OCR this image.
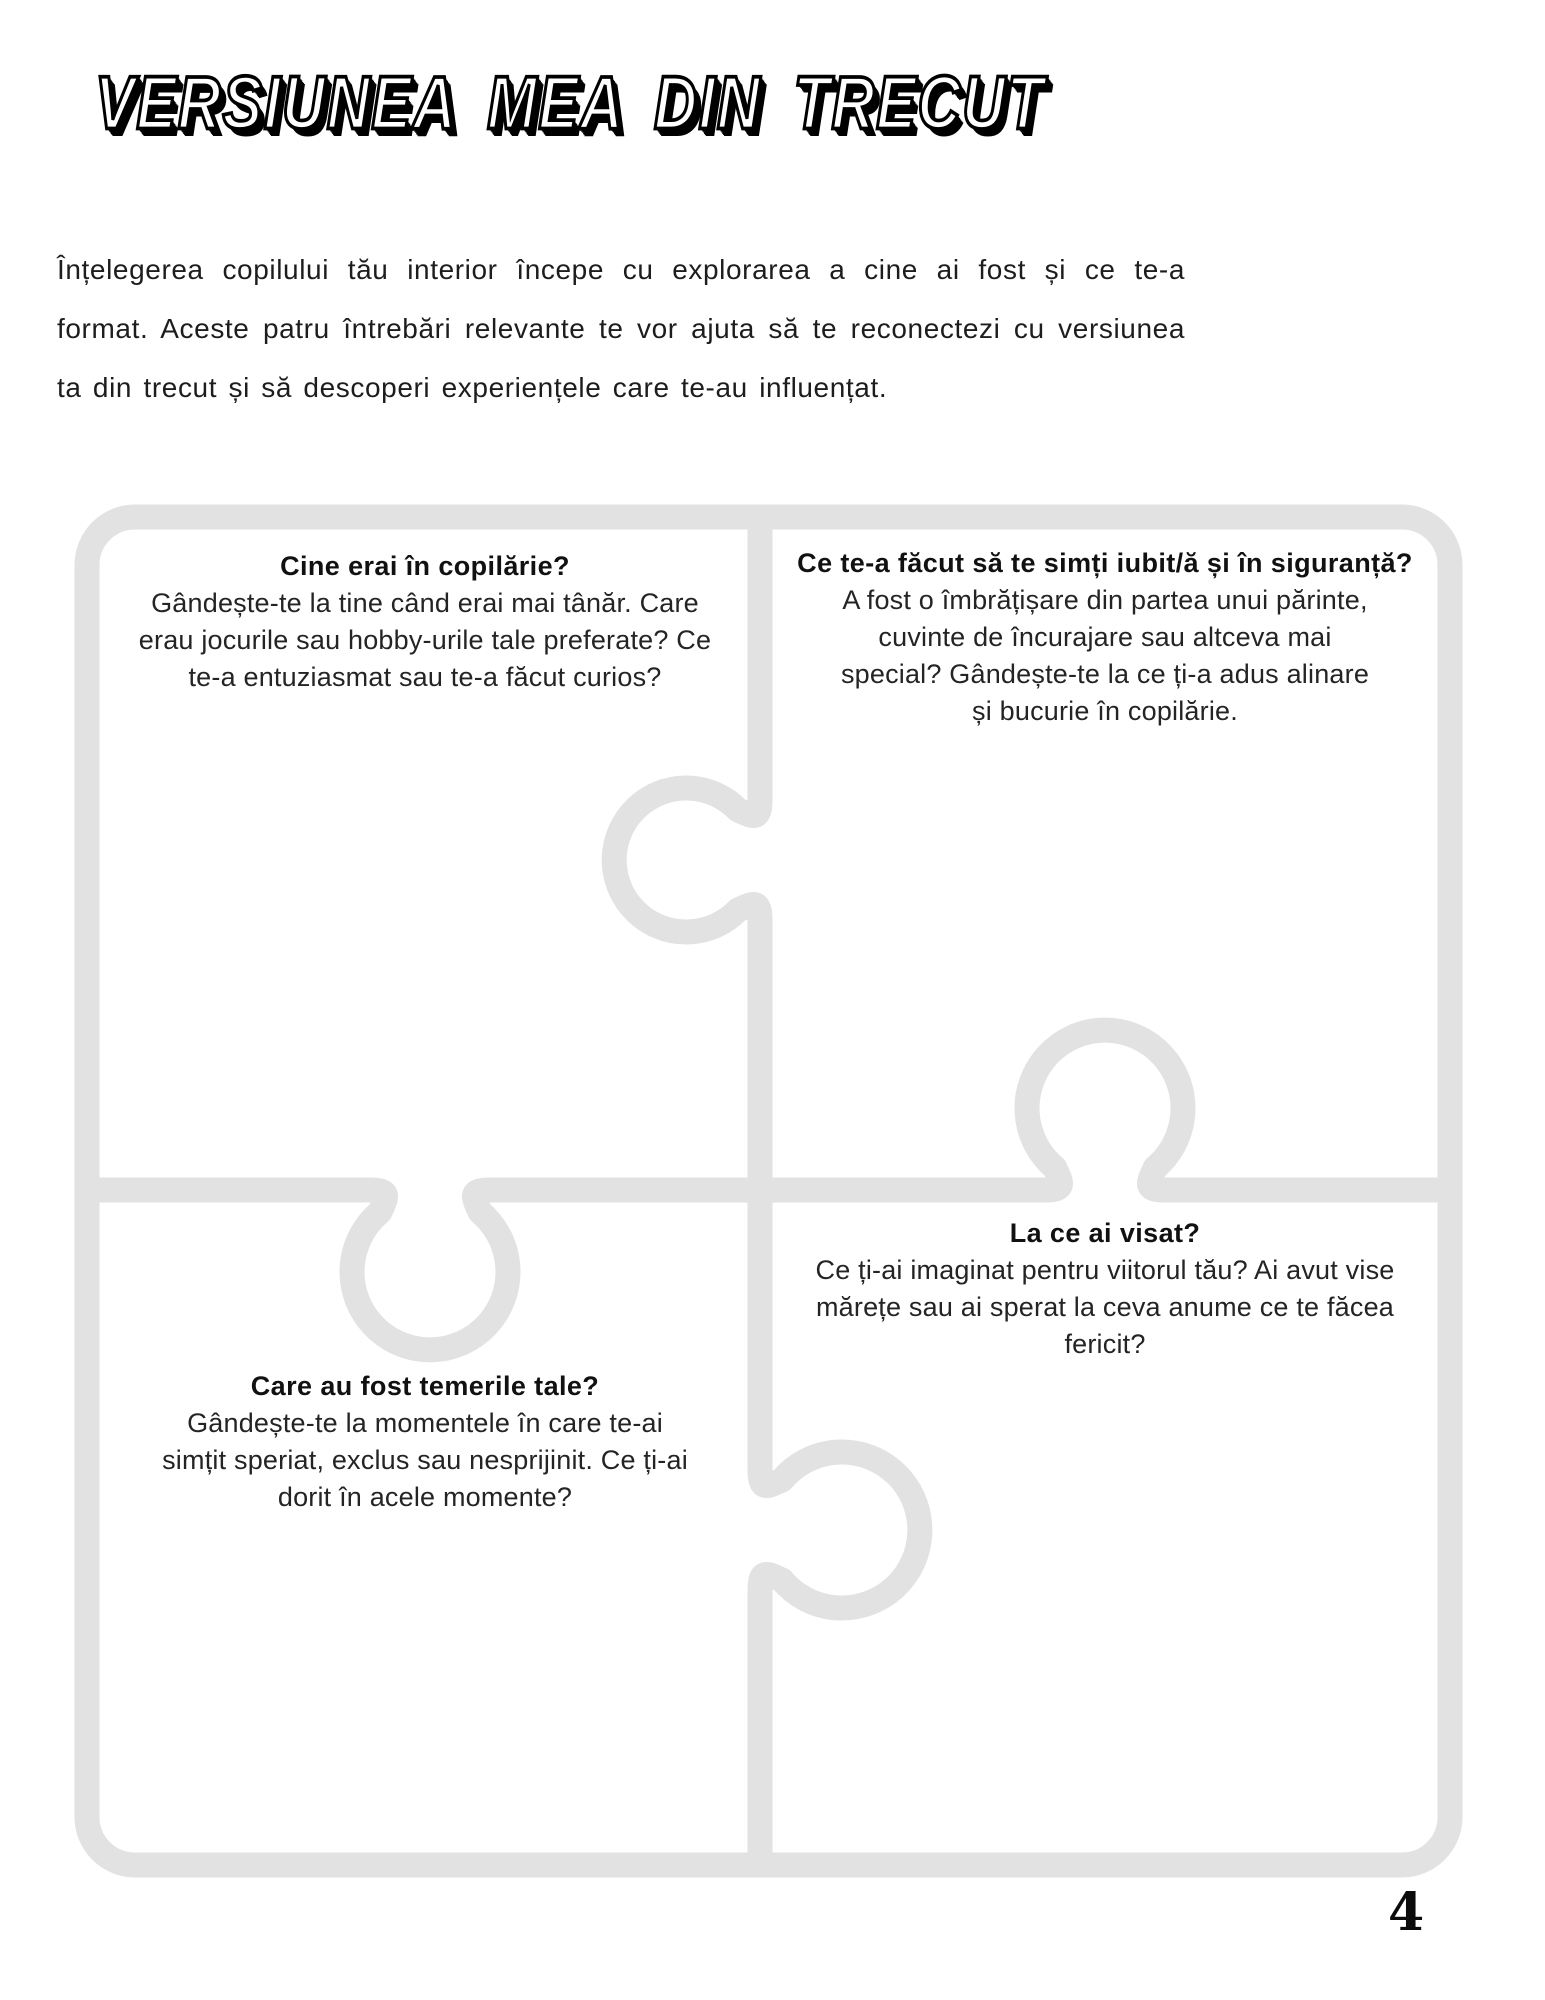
VERSIUNEA MEA DIN TRECUT
Înțelegerea copilului tău interior începe cu explorarea a cine ai fost și ce te-a format. Aceste patru întrebări relevante te vor ajuta să te reconectezi cu versiunea ta din trecut și să descoperi experiențele care te-au influențat.
Cine erai în copilărie?

Gândește-te la tine când erai mai tânăr. Care erau jocurile sau hobby-urile tale preferate? Ce te-a entuziasmat sau te-a făcut curios?

Ce te-a făcut să te simți iubit/ă și în siguranță?

A fost o îmbrățișare din partea unui părinte, cuvinte de încurajare sau altceva mai special? Gândește-te la ce ți-a adus alinare și bucurie în copilărie.

Care au fost temerile tale?

Gândește-te la momentele în care te-ai simțit speriat, exclus sau nesprijinit. Ce ți-ai dorit în acele momente?

La ce ai visat?

Ce ți-ai imaginat pentru viitorul tău? Ai avut vise mărețe sau ai sperat la ceva anume ce te făcea fericit?

4
